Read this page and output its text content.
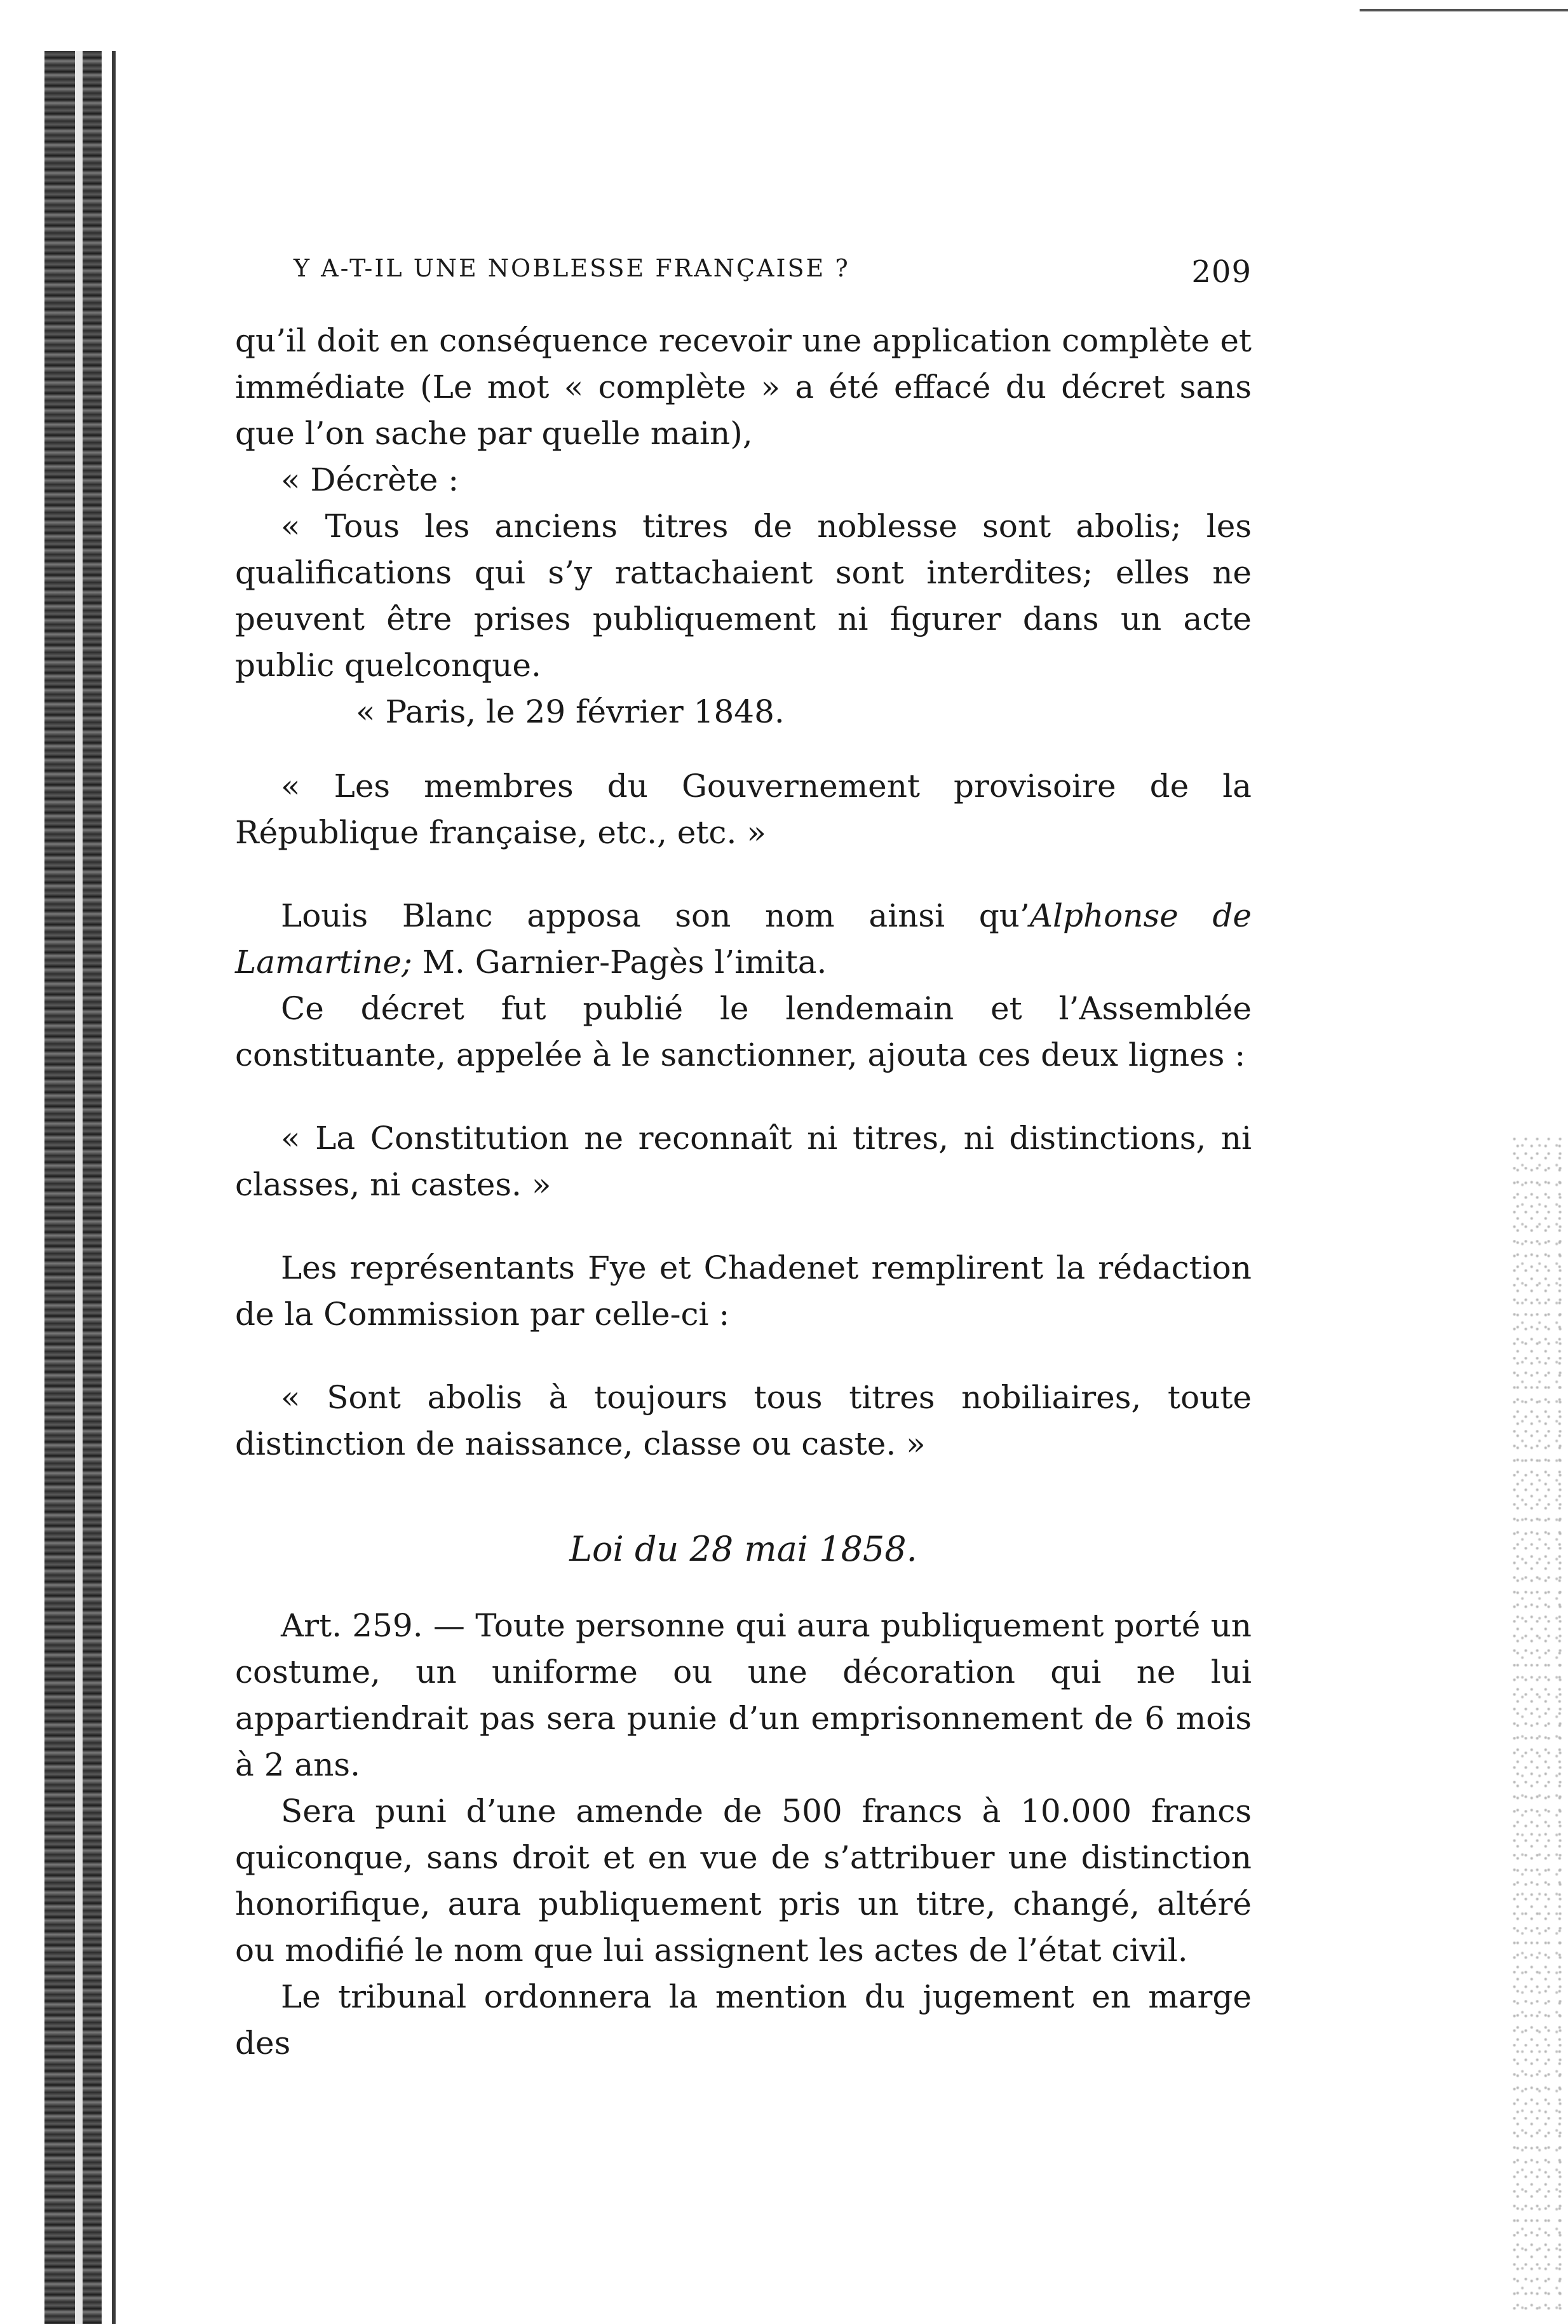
Y A-T-IL UNE NOBLESSE FRANÇAISE ?	209

qu’il doit en conséquence recevoir une application complète et immédiate (Le mot « complète » a été effacé du décret sans que l’on sache par quelle main),

« Décrète :

« Tous les anciens titres de noblesse sont abolis; les qualifications qui s’y rattachaient sont interdites; elles ne peuvent être prises publiquement ni figurer dans un acte public quelconque.

« Paris, le 29 février 1848.

« Les membres du Gouvernement provisoire de la République française, etc., etc. »

Louis Blanc apposa son nom ainsi qu’Alphonse de Lamartine; M. Garnier-Pagès l’imita.

Ce décret fut publié le lendemain et l’Assemblée constituante, appelée à le sanctionner, ajouta ces deux lignes :

« La Constitution ne reconnaît ni titres, ni distinctions, ni classes, ni castes. »

Les représentants Fye et Chadenet remplirent la rédaction de la Commission par celle-ci :

« Sont abolis à toujours tous titres nobiliaires, toute distinction de naissance, classe ou caste. »

Loi du 28 mai 1858.

Art. 259. — Toute personne qui aura publiquement porté un costume, un uniforme ou une décoration qui ne lui appartiendrait pas sera punie d’un emprisonnement de 6 mois à 2 ans.

Sera puni d’une amende de 500 francs à 10.000 francs quiconque, sans droit et en vue de s’attribuer une distinction honorifique, aura publiquement pris un titre, changé, altéré ou modifié le nom que lui assignent les actes de l’état civil.

Le tribunal ordonnera la mention du jugement en marge des
